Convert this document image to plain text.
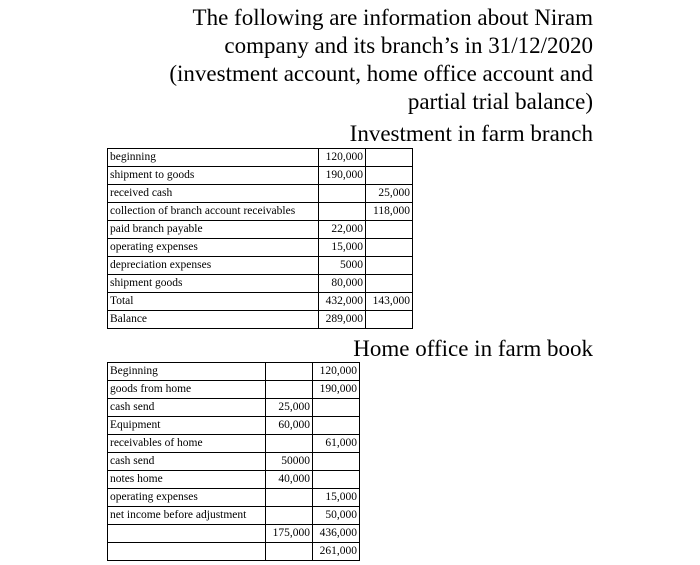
The following are information about Niram
company and its branch’s in 31/12/2020
(investment account, home office account and
partial trial balance)
Investment in farm branch
beginning	120,000	
shipment to goods	190,000	
received cash		25,000
collection of branch account receivables		118,000
paid branch payable	22,000	
operating expenses	15,000	
depreciation expenses	5000	
shipment goods	80,000	
Total	432,000	143,000
Balance	289,000	
Home office in farm book
Beginning		120,000
goods from home		190,000
cash send	25,000	
Equipment	60,000	
receivables of home		61,000
cash send	50000	
notes home	40,000	
operating expenses		15,000
net income before adjustment		50,000
	175,000	436,000
		261,000
